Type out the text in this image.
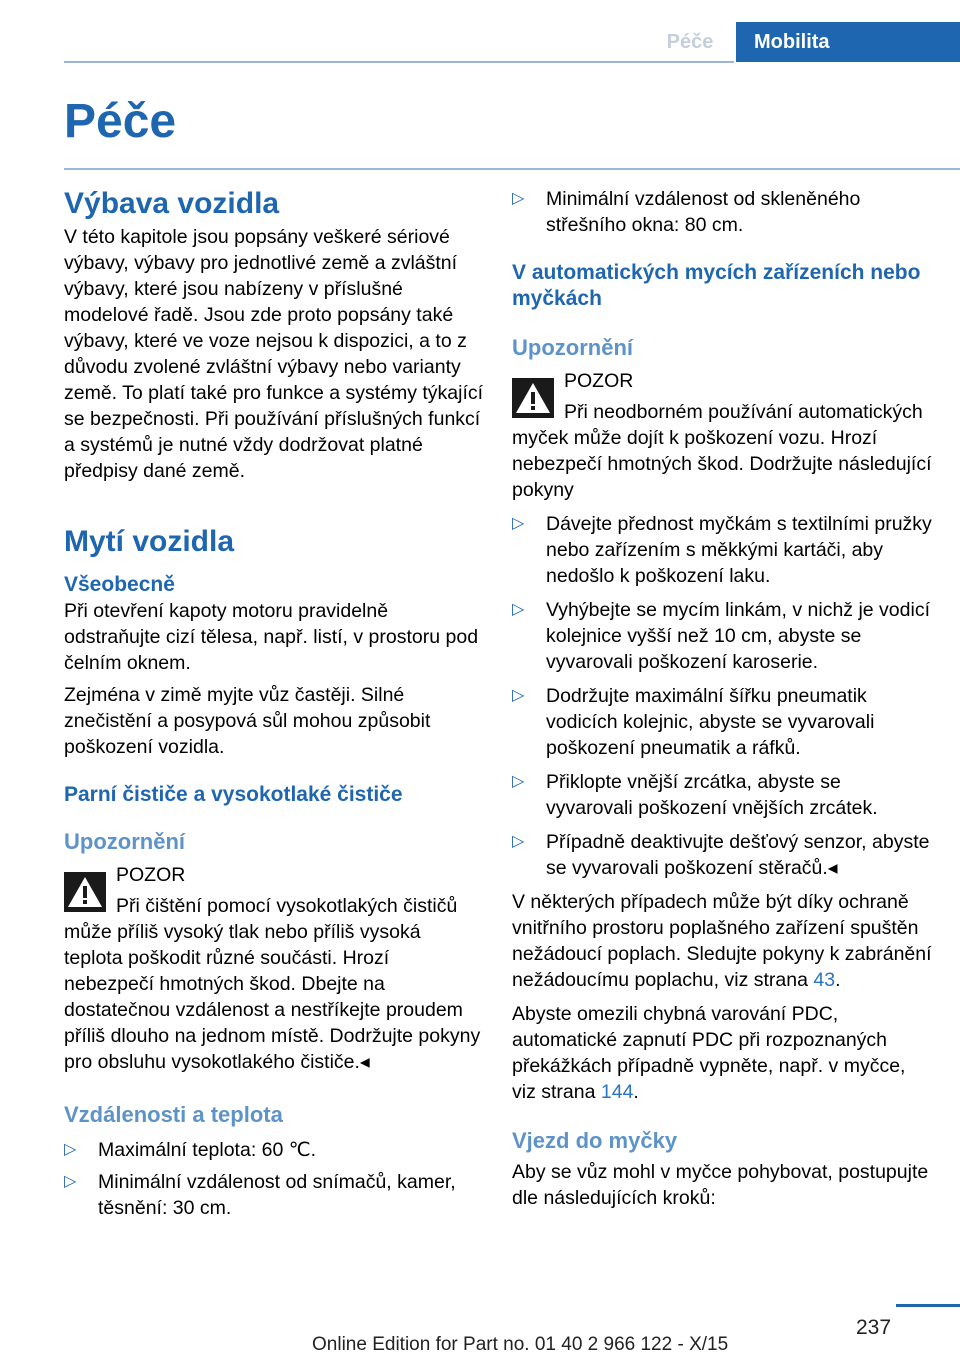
Péče	Mobilita
Péče
Výbava vozidla

V této kapitole jsou popsány veškeré sériové výbavy, výbavy pro jednotlivé země a zvláštní výbavy, které jsou nabízeny v příslušné modelové řadě. Jsou zde proto popsány také výbavy, které ve voze nejsou k dispozici, a to z důvodu zvolené zvláštní výbavy nebo varianty země. To platí také pro funkce a systémy týkající se bezpečnosti. Při používání příslušných funkcí a systémů je nutné vždy dodržovat platné předpisy dané země.

Mytí vozidla
Všeobecně

Při otevření kapoty motoru pravidelně odstraňujte cizí tělesa, např. listí, v prostoru pod čelním oknem.

Zejména v zimě myjte vůz častěji. Silné znečistění a posypová sůl mohou způsobit poškození vozidla.

Parní čističe a vysokotlaké čističe
Upozornění

POZOR

Při čištění pomocí vysokotlakých čističů může příliš vysoký tlak nebo příliš vysoká teplota poškodit různé součásti. Hrozí nebezpečí hmotných škod. Dbejte na dostatečnou vzdálenost a nestříkejte proudem příliš dlouho na jednom místě. Dodržujte pokyny pro obsluhu vysokotlakého čističe.◂

Vzdálenosti a teplota
▷ Maximální teplota: 60 ℃.
▷ Minimální vzdálenost od snímačů, kamer, těsnění: 30 cm.
▷ Minimální vzdálenost od skleněného střešního okna: 80 cm.
V automatických mycích zařízeních nebo myčkách
Upozornění

POZOR

Při neodborném používání automatických myček může dojít k poškození vozu. Hrozí nebezpečí hmotných škod. Dodržujte následující pokyny

▷ Dávejte přednost myčkám s textilními pružky nebo zařízením s měkkými kartáči, aby nedošlo k poškození laku.
▷ Vyhýbejte se mycím linkám, v nichž je vodicí kolejnice vyšší než 10 cm, abyste se vyvarovali poškození karoserie.
▷ Dodržujte maximální šířku pneumatik vodicích kolejnic, abyste se vyvarovali poškození pneumatik a ráfků.
▷ Přiklopte vnější zrcátka, abyste se vyvarovali poškození vnějších zrcátek.
▷ Případně deaktivujte dešťový senzor, abyste se vyvarovali poškození stěračů.◂

V některých případech může být díky ochraně vnitřního prostoru poplašného zařízení spuštěn nežádoucí poplach. Sledujte pokyny k zabránění nežádoucímu poplachu, viz strana 43.

Abyste omezili chybná varování PDC, automatické zapnutí PDC při rozpoznaných překážkách případně vypněte, např. v myčce, viz strana 144.

Vjezd do myčky

Aby se vůz mohl v myčce pohybovat, postupujte dle následujících kroků:

237
Online Edition for Part no. 01 40 2 966 122 - X/15
